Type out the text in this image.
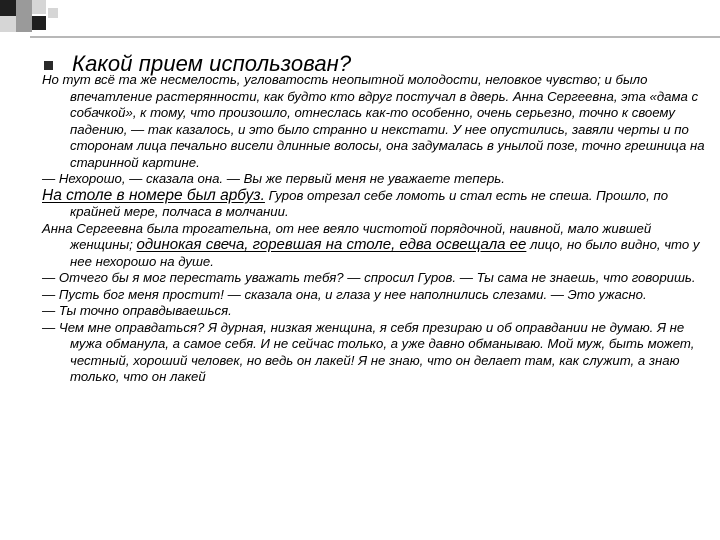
Какой прием использован?

Но тут всё та же несмелость, угловатость неопытной молодости, неловкое чувство; и было впечатление растерянности, как будто кто вдруг постучал в дверь. Анна Сергеевна, эта «дама с собачкой», к тому, что произошло, отнеслась как-то особенно, очень серьезно, точно к своему падению, — так казалось, и это было странно и некстати. У нее опустились, завяли черты и по сторонам лица печально висели длинные волосы, она задумалась в унылой позе, точно грешница на старинной картине.

— Нехорошо, — сказала она. — Вы же первый меня не уважаете теперь.

На столе в номере был арбуз. Гуров отрезал себе ломоть и стал есть не спеша. Прошло, по крайней мере, полчаса в молчании.

Анна Сергеевна была трогательна, от нее веяло чистотой порядочной, наивной, мало жившей женщины; одинокая свеча, горевшая на столе, едва освещала ее лицо, но было видно, что у нее нехорошо на душе.

— Отчего бы я мог перестать уважать тебя? — спросил Гуров. — Ты сама не знаешь, что говоришь.

— Пусть бог меня простит! — сказала она, и глаза у нее наполнились слезами. — Это ужасно.

— Ты точно оправдываешься.

— Чем мне оправдаться? Я дурная, низкая женщина, я себя презираю и об оправдании не думаю. Я не мужа обманула, а самое себя. И не сейчас только, а уже давно обманываю. Мой муж, быть может, честный, хороший человек, но ведь он лакей! Я не знаю, что он делает там, как служит, а знаю только, что он лакей
